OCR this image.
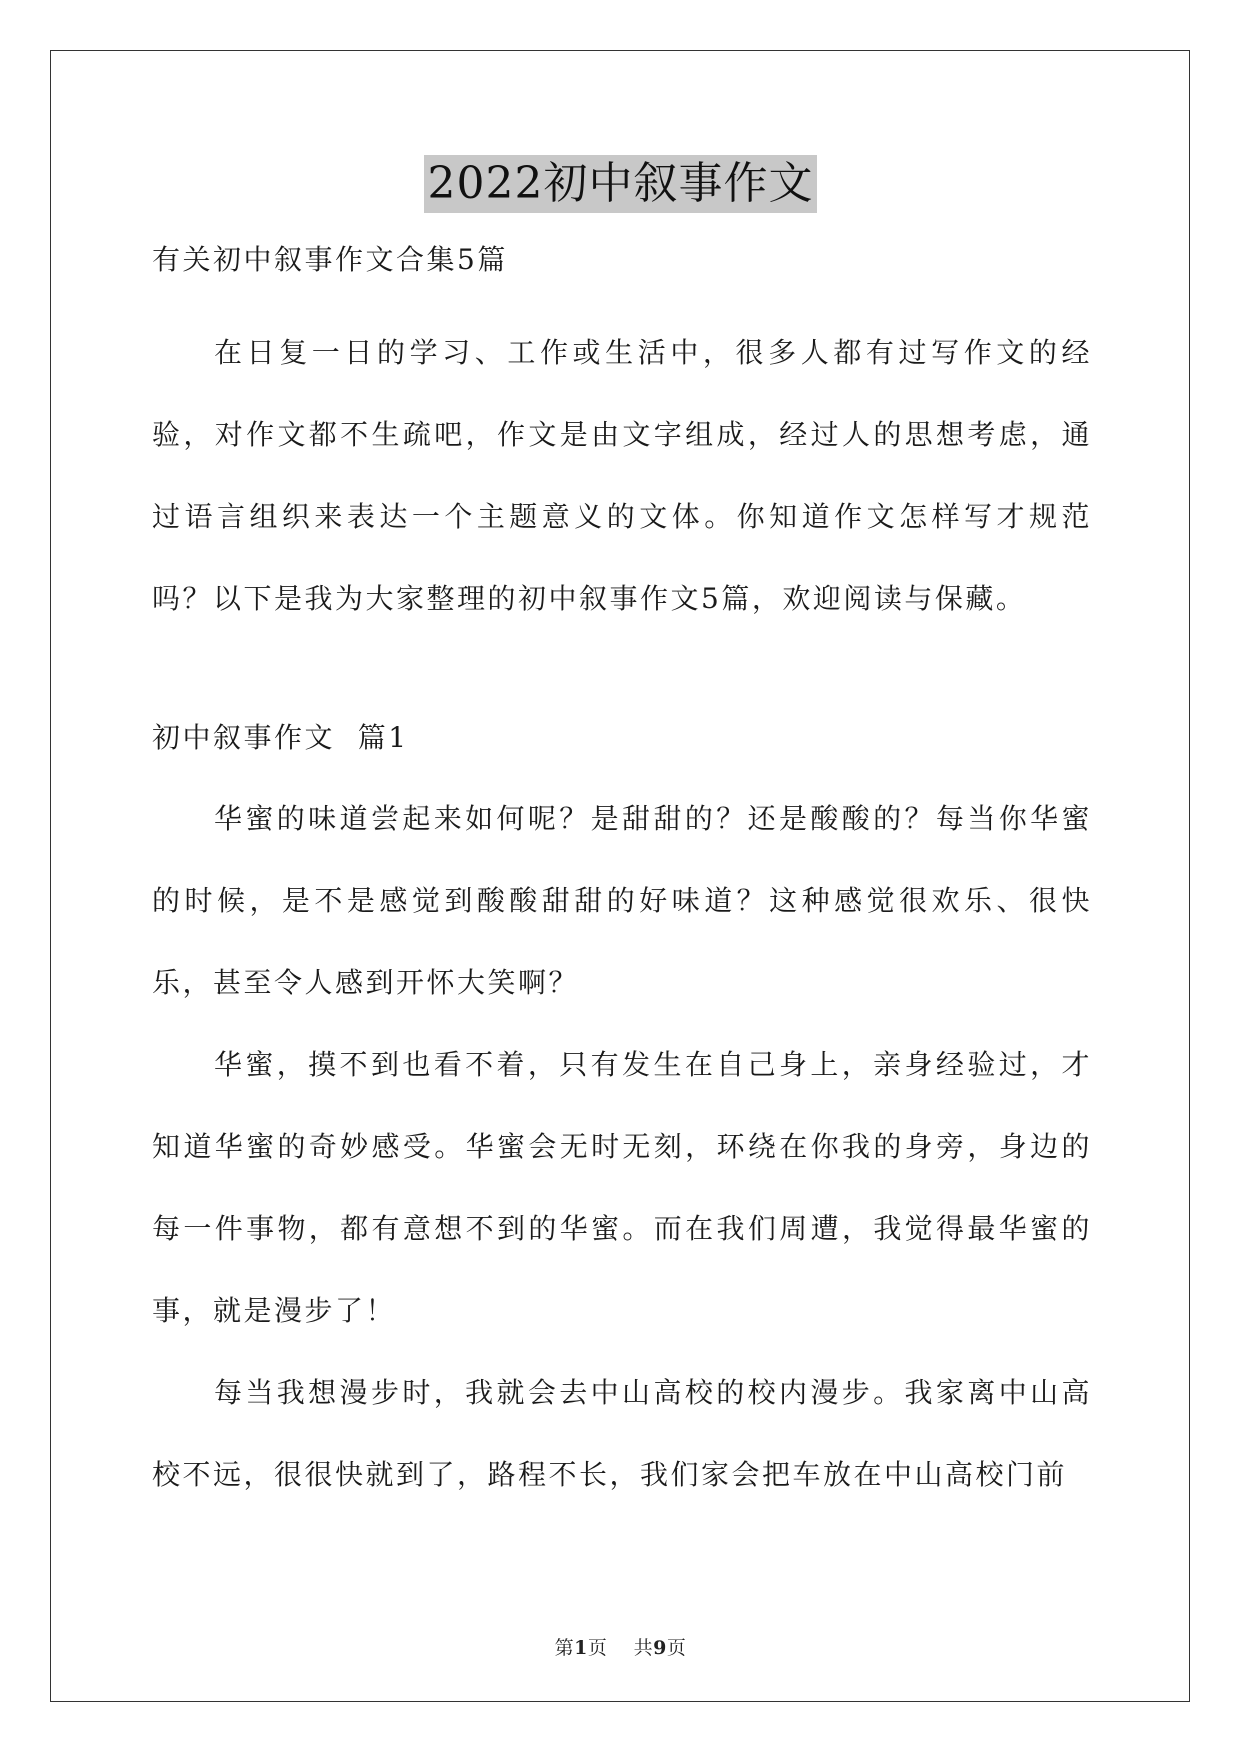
2022初中叙事作文

有关初中叙事作文合集5篇

在日复一日的学习、工作或生活中，很多人都有过写作文的经验，对作文都不生疏吧，作文是由文字组成，经过人的思想考虑，通过语言组织来表达一个主题意义的文体。你知道作文怎样写才规范吗？以下是我为大家整理的初中叙事作文5篇，欢迎阅读与保藏。

初中叙事作文  篇1

华蜜的味道尝起来如何呢？是甜甜的？还是酸酸的？每当你华蜜的时候，是不是感觉到酸酸甜甜的好味道？这种感觉很欢乐、很快乐，甚至令人感到开怀大笑啊？

华蜜，摸不到也看不着，只有发生在自己身上，亲身经验过，才知道华蜜的奇妙感受。华蜜会无时无刻，环绕在你我的身旁，身边的每一件事物，都有意想不到的华蜜。而在我们周遭，我觉得最华蜜的事，就是漫步了！

每当我想漫步时，我就会去中山高校的校内漫步。我家离中山高校不远，很很快就到了，路程不长，我们家会把车放在中山高校门前

第1页    共9页
